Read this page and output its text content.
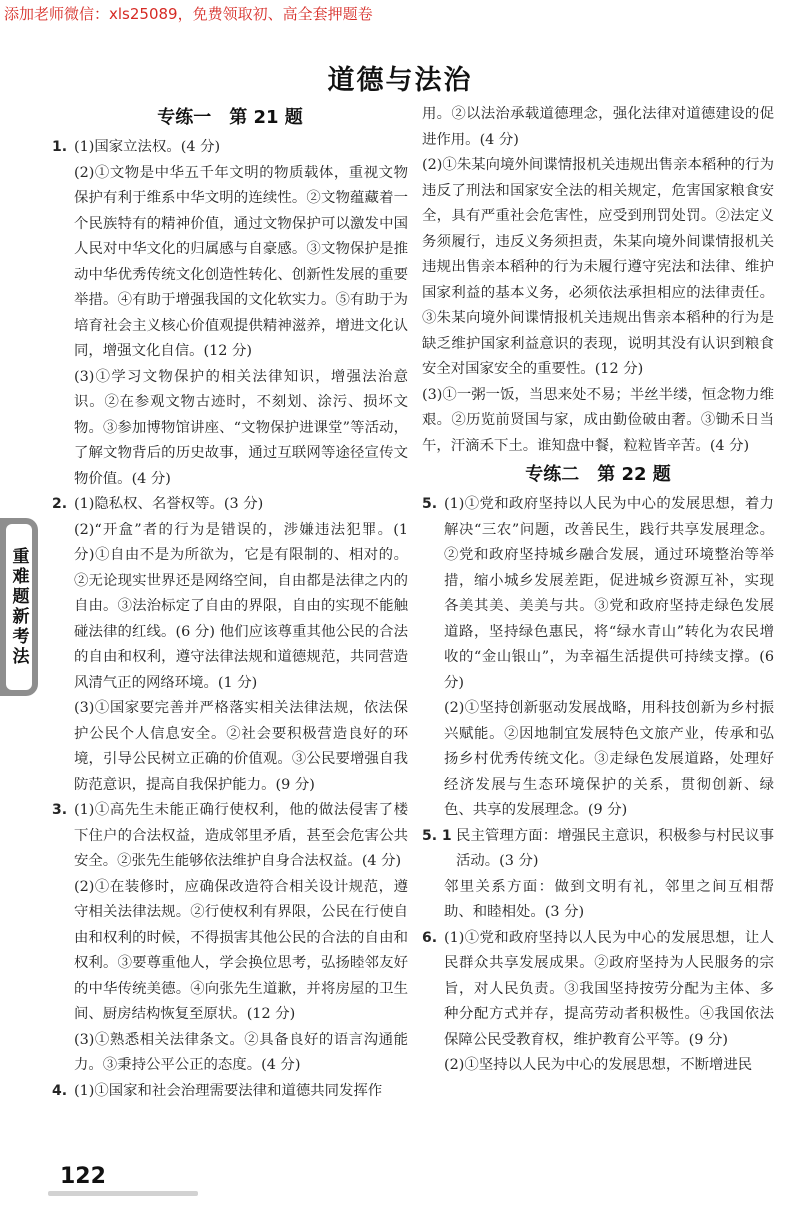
添加老师微信：xls25089，免费领取初、高全套押题卷
道德与法治
重难题新考法
专练一　第 21 题
1. (1)国家立法权。(4 分)
(2)①文物是中华五千年文明的物质载体，重视文物保护有利于维系中华文明的连续性。②文物蕴藏着一个民族特有的精神价值，通过文物保护可以激发中国人民对中华文化的归属感与自豪感。③文物保护是推动中华优秀传统文化创造性转化、创新性发展的重要举措。④有助于增强我国的文化软实力。⑤有助于为培育社会主义核心价值观提供精神滋养，增进文化认同，增强文化自信。(12 分)
(3)①学习文物保护的相关法律知识，增强法治意识。②在参观文物古迹时，不刻划、涂污、损坏文物。③参加博物馆讲座、“文物保护进课堂”等活动，了解文物背后的历史故事，通过互联网等途径宣传文物价值。(4 分)
2. (1)隐私权、名誉权等。(3 分)
(2)“开盒”者的行为是错误的，涉嫌违法犯罪。(1 分)①自由不是为所欲为，它是有限制的、相对的。②无论现实世界还是网络空间，自由都是法律之内的自由。③法治标定了自由的界限，自由的实现不能触碰法律的红线。(6 分) 他们应该尊重其他公民的合法的自由和权利，遵守法律法规和道德规范，共同营造风清气正的网络环境。(1 分)
(3)①国家要完善并严格落实相关法律法规，依法保护公民个人信息安全。②社会要积极营造良好的环境，引导公民树立正确的价值观。③公民要增强自我防范意识，提高自我保护能力。(9 分)
3. (1)①高先生未能正确行使权利，他的做法侵害了楼下住户的合法权益，造成邻里矛盾，甚至会危害公共安全。②张先生能够依法维护自身合法权益。(4 分)
(2)①在装修时，应确保改造符合相关设计规范，遵守相关法律法规。②行使权利有界限，公民在行使自由和权利的时候，不得损害其他公民的合法的自由和权利。③要尊重他人，学会换位思考，弘扬睦邻友好的中华传统美德。④向张先生道歉，并将房屋的卫生间、厨房结构恢复至原状。(12 分)
(3)①熟悉相关法律条文。②具备良好的语言沟通能力。③秉持公平公正的态度。(4 分)
4. (1)①国家和社会治理需要法律和道德共同发挥作
用。②以法治承载道德理念，强化法律对道德建设的促进作用。(4 分)
(2)①朱某向境外间谍情报机关违规出售亲本稻种的行为违反了刑法和国家安全法的相关规定，危害国家粮食安全，具有严重社会危害性，应受到刑罚处罚。②法定义务须履行，违反义务须担责，朱某向境外间谍情报机关违规出售亲本稻种的行为未履行遵守宪法和法律、维护国家利益的基本义务，必须依法承担相应的法律责任。③朱某向境外间谍情报机关违规出售亲本稻种的行为是缺乏维护国家利益意识的表现，说明其没有认识到粮食安全对国家安全的重要性。(12 分)
(3)①一粥一饭，当思来处不易；半丝半缕，恒念物力维艰。②历览前贤国与家，成由勤俭破由奢。③锄禾日当午，汗滴禾下土。谁知盘中餐，粒粒皆辛苦。(4 分)
专练二　第 22 题
5. (1)①党和政府坚持以人民为中心的发展思想，着力解决“三农”问题，改善民生，践行共享发展理念。②党和政府坚持城乡融合发展，通过环境整治等举措，缩小城乡发展差距，促进城乡资源互补，实现各美其美、美美与共。③党和政府坚持走绿色发展道路，坚持绿色惠民，将“绿水青山”转化为农民增收的“金山银山”，为幸福生活提供可持续支撑。(6 分)
(2)①坚持创新驱动发展战略，用科技创新为乡村振兴赋能。②因地制宜发展特色文旅产业，传承和弘扬乡村优秀传统文化。③走绿色发展道路，处理好经济发展与生态环境保护的关系，贯彻创新、绿色、共享的发展理念。(9 分)
5. 1 民主管理方面：增强民主意识，积极参与村民议事活动。(3 分)
邻里关系方面：做到文明有礼，邻里之间互相帮助、和睦相处。(3 分)
6. (1)①党和政府坚持以人民为中心的发展思想，让人民群众共享发展成果。②政府坚持为人民服务的宗旨，对人民负责。③我国坚持按劳分配为主体、多种分配方式并存，提高劳动者积极性。④我国依法保障公民受教育权，维护教育公平等。(9 分)
(2)①坚持以人民为中心的发展思想，不断增进民
122
